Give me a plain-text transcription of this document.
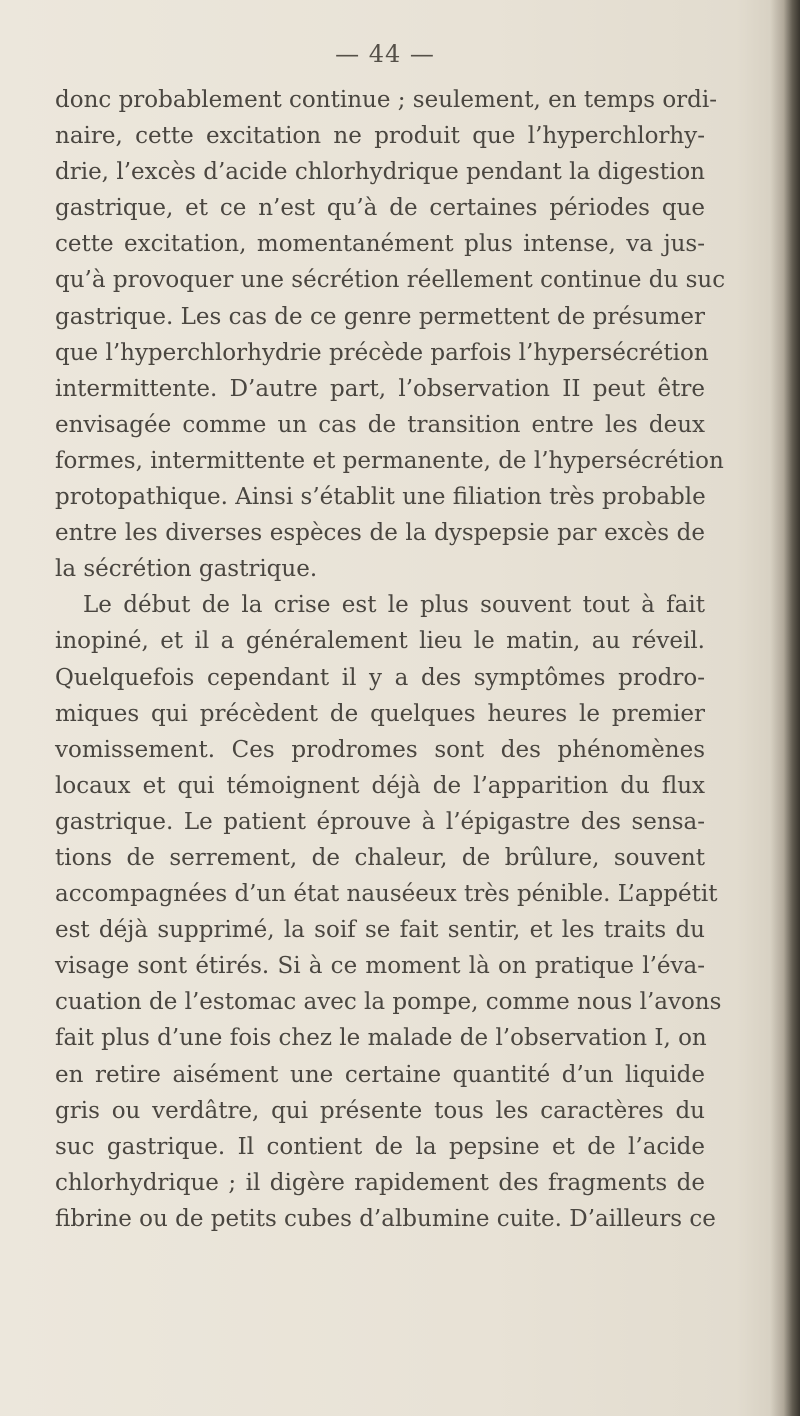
— 44 —
donc probablement continue ; seulement, en temps ordi-
naire, cette excitation ne produit que l’hyperchlorhy-
drie, l’excès d’acide chlorhydrique pendant la digestion
gastrique, et ce n’est qu’à de certaines périodes que
cette excitation, momentanément plus intense, va jus-
qu’à provoquer une sécrétion réellement continue du suc
gastrique. Les cas de ce genre permettent de présumer
que l’hyperchlorhydrie précède parfois l’hypersécrétion
intermittente. D’autre part, l’observation II peut être
envisagée comme un cas de transition entre les deux
formes, intermittente et permanente, de l’hypersécrétion
protopathique. Ainsi s’établit une filiation très probable
entre les diverses espèces de la dyspepsie par excès de
la sécrétion gastrique.
Le début de la crise est le plus souvent tout à fait
inopiné, et il a généralement lieu le matin, au réveil.
Quelquefois cependant il y a des symptômes prodro-
miques qui précèdent de quelques heures le premier
vomissement. Ces prodromes sont des phénomènes
locaux et qui témoignent déjà de l’apparition du flux
gastrique. Le patient éprouve à l’épigastre des sensa-
tions de serrement, de chaleur, de brûlure, souvent
accompagnées d’un état nauséeux très pénible. L’appétit
est déjà supprimé, la soif se fait sentir, et les traits du
visage sont étirés. Si à ce moment là on pratique l’éva-
cuation de l’estomac avec la pompe, comme nous l’avons
fait plus d’une fois chez le malade de l’observation I, on
en retire aisément une certaine quantité d’un liquide
gris ou verdâtre, qui présente tous les caractères du
suc gastrique. Il contient de la pepsine et de l’acide
chlorhydrique ; il digère rapidement des fragments de
fibrine ou de petits cubes d’albumine cuite. D’ailleurs ce
